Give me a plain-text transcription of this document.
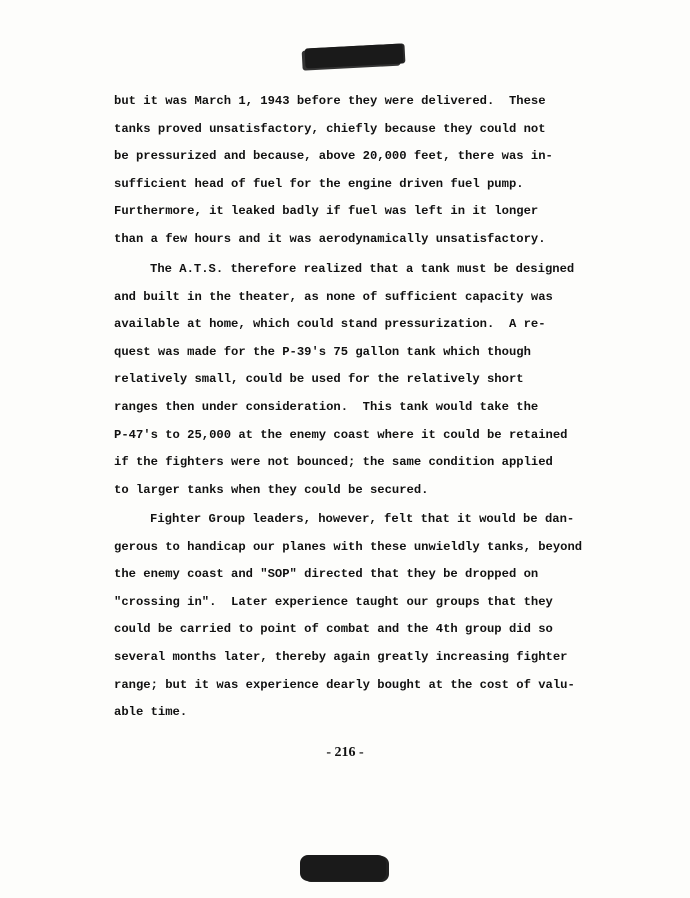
but it was March 1, 1943 before they were delivered.  These
tanks proved unsatisfactory, chiefly because they could not
be pressurized and because, above 20,000 feet, there was in-
sufficient head of fuel for the engine driven fuel pump.
Furthermore, it leaked badly if fuel was left in it longer
than a few hours and it was aerodynamically unsatisfactory.
The A.T.S. therefore realized that a tank must be designed
and built in the theater, as none of sufficient capacity was
available at home, which could stand pressurization.  A re-
quest was made for the P-39's 75 gallon tank which though
relatively small, could be used for the relatively short
ranges then under consideration.  This tank would take the
P-47's to 25,000 at the enemy coast where it could be retained
if the fighters were not bounced; the same condition applied
to larger tanks when they could be secured.
Fighter Group leaders, however, felt that it would be dan-
gerous to handicap our planes with these unwieldly tanks, beyond
the enemy coast and "SOP" directed that they be dropped on
"crossing in".  Later experience taught our groups that they
could be carried to point of combat and the 4th group did so
several months later, thereby again greatly increasing fighter
range; but it was experience dearly bought at the cost of valu-
able time.
- 216 -
